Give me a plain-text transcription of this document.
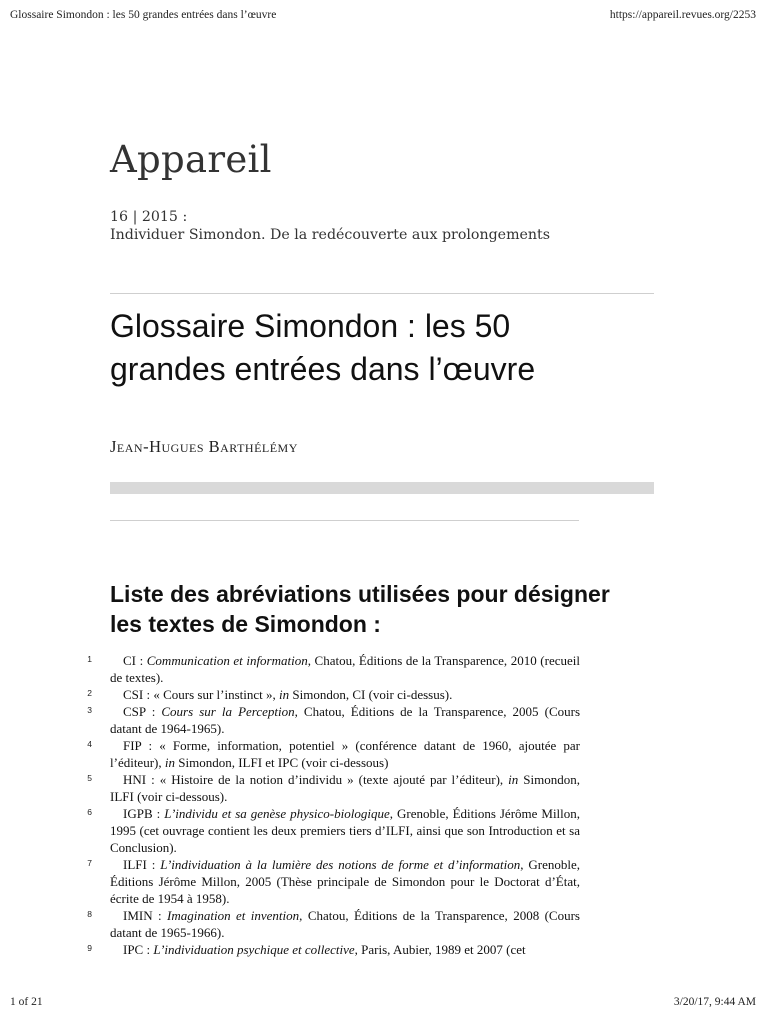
Glossaire Simondon : les 50 grandes entrées dans l’œuvre	https://appareil.revues.org/2253
Appareil
16 | 2015 :
Individuer Simondon. De la redécouverte aux prolongements
Glossaire Simondon : les 50 grandes entrées dans l’œuvre
Jean-Hugues Barthélémy
Liste des abréviations utilisées pour désigner les textes de Simondon :
1	CI : Communication et information, Chatou, Éditions de la Transparence, 2010 (recueil de textes).
2	CSI : « Cours sur l’instinct », in Simondon, CI (voir ci-dessus).
3	CSP : Cours sur la Perception, Chatou, Éditions de la Transparence, 2005 (Cours datant de 1964-1965).
4	FIP : « Forme, information, potentiel » (conférence datant de 1960, ajoutée par l’éditeur), in Simondon, ILFI et IPC (voir ci-dessous)
5	HNI : « Histoire de la notion d’individu » (texte ajouté par l’éditeur), in Simondon, ILFI (voir ci-dessous).
6	IGPB : L’individu et sa genèse physico-biologique, Grenoble, Éditions Jérôme Millon, 1995 (cet ouvrage contient les deux premiers tiers d’ILFI, ainsi que son Introduction et sa Conclusion).
7	ILFI : L’individuation à la lumière des notions de forme et d’information, Grenoble, Éditions Jérôme Millon, 2005 (Thèse principale de Simondon pour le Doctorat d’État, écrite de 1954 à 1958).
8	IMIN : Imagination et invention, Chatou, Éditions de la Transparence, 2008 (Cours datant de 1965-1966).
9	IPC : L’individuation psychique et collective, Paris, Aubier, 1989 et 2007 (cet
1 of 21	3/20/17, 9:44 AM
